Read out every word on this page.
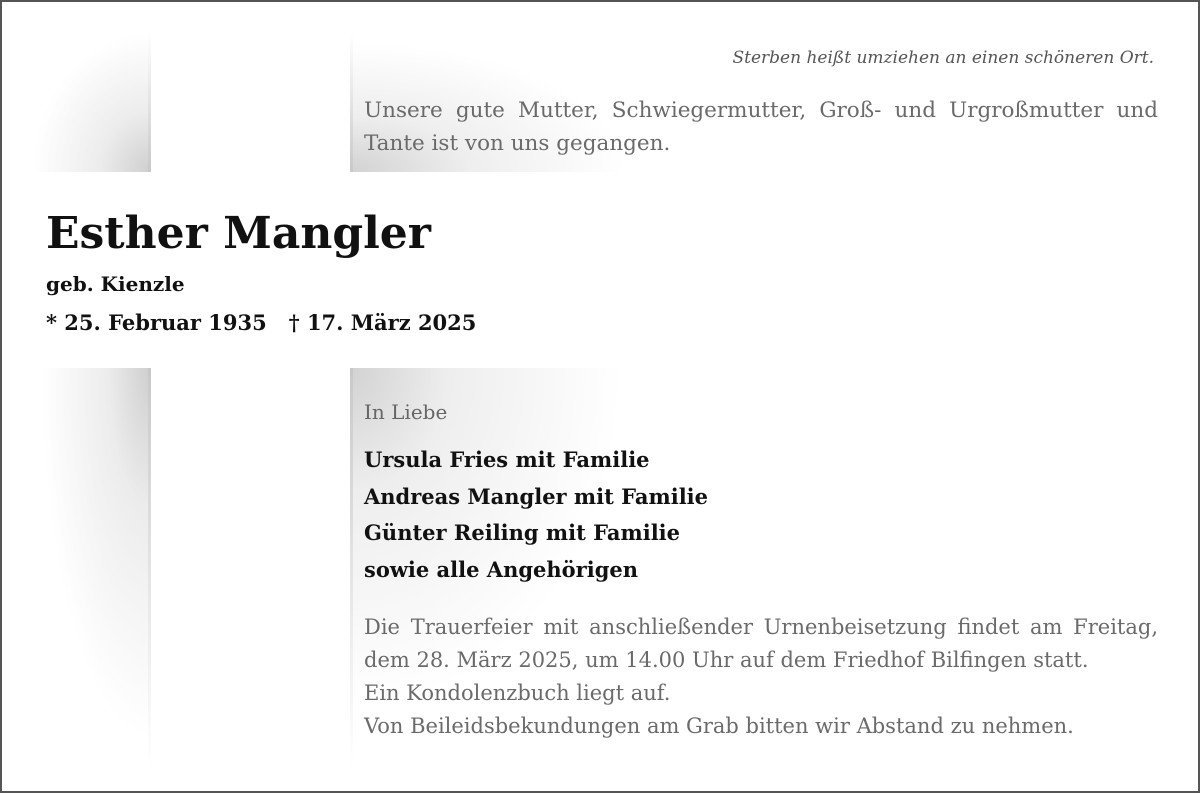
Sterben heißt umziehen an einen schöneren Ort.
Unsere gute Mutter, Schwiegermutter, Groß- und Urgroßmutter und Tante ist von uns gegangen.
Esther Mangler
geb. Kienzle
* 25. Februar 1935 † 17. März 2025
In Liebe
Ursula Fries mit Familie
Andreas Mangler mit Familie
Günter Reiling mit Familie
sowie alle Angehörigen

Die Trauerfeier mit anschließender Urnenbeisetzung findet am Freitag, dem 28. März 2025, um 14.00 Uhr auf dem Friedhof Bilfingen statt.

Ein Kondolenzbuch liegt auf.

Von Beileidsbekundungen am Grab bitten wir Abstand zu nehmen.
